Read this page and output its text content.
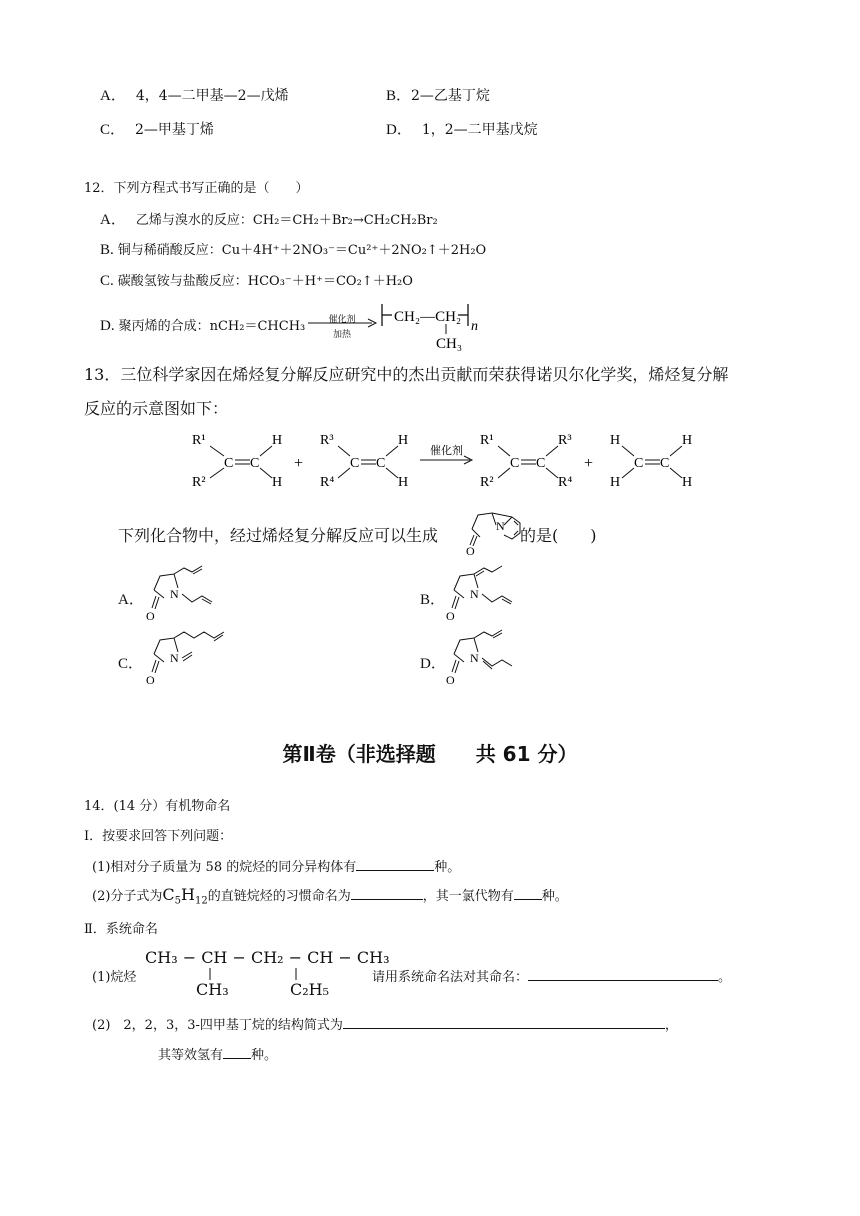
A． 4，4—二甲基—2—戊烯	B．2—乙基丁烷
C． 2—甲基丁烯	D． 1，2—二甲基戊烷
12．下列方程式书写正确的是（　　）
A． 乙烯与溴水的反应：CH₂＝CH₂＋Br₂→CH₂CH₂Br₂
B. 铜与稀硝酸反应：Cu＋4H⁺＋2NO₃⁻＝Cu²⁺＋2NO₂↑＋2H₂O
C. 碳酸氢铵与盐酸反应：HCO₃⁻＋H⁺＝CO₂↑＋H₂O
D. 聚丙烯的合成：nCH₂＝CHCH₃	催化剂
加热
CH₂—CH₂
n
CH₃
13．三位科学家因在烯烃复分解反应研究中的杰出贡献而荣获得诺贝尔化学奖，烯烃复分解
反应的示意图如下：
R¹
R²
C C
H
H
+
R³
R⁴
C C
H
H
催化剂
R¹
R²
C C
R³
R⁴
+
H
H
C C
H
H
下列化合物中，经过烯烃复分解反应可以生成	N
O
的是(　　)
A． N
O
B． N
O
C． N
O
D． N
O
第Ⅱ卷（非选择题　　共 61 分）
14．(14 分）有机物命名
Ⅰ．按要求回答下列问题：
(1)相对分子质量为 58 的烷烃的同分异构体有	种。
(2)分子式为$C_5H_{12}$的直链烷烃的习惯命名为	，其一氯代物有 种。
Ⅱ．系统命名
(1)烷烃
CH₃ − CH − CH₂ − CH − CH₃
CH₃	C₂H₅
请用系统命名法对其命名：	。
(2)　2，2，3，3-四甲基丁烷的结构简式为	，
其等效氢有 种。
